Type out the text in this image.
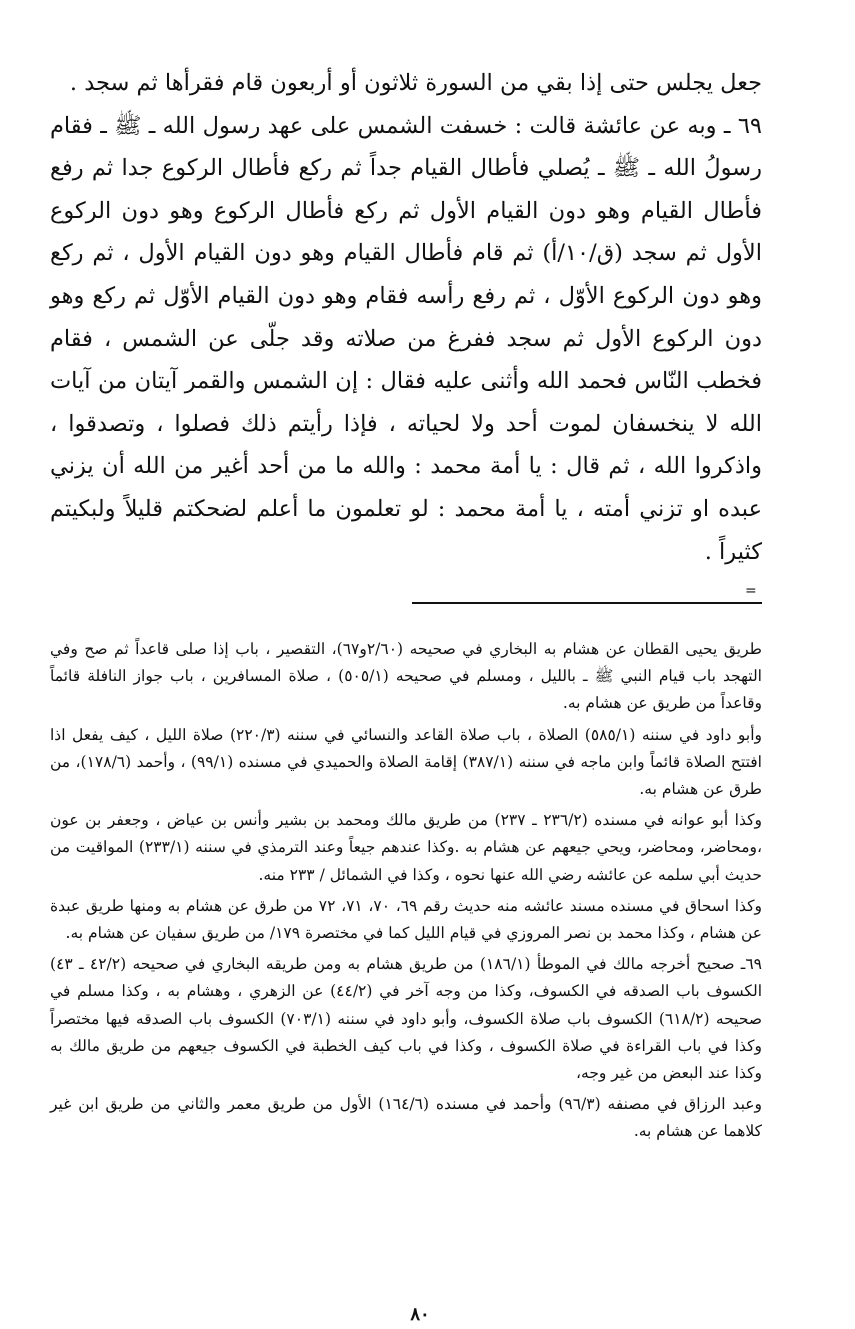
جعل يجلس حتى إذا بقي من السورة ثلاثون أو أربعون قام فقرأها ثم سجد .

٦٩ ـ وبه عن عائشة قالت : خسفت الشمس على عهد رسول الله ـ ﷺ ـ فقام رسولُ الله ـ ﷺ ـ يُصلي فأطال القيام جداً ثم ركع فأطال الركوع جدا ثم رفع فأطال القيام وهو دون القيام الأول ثم ركع فأطال الركوع وهو دون الركوع الأول ثم سجد (ق/١٠/أ) ثم قام فأطال القيام وهو دون القيام الأول ، ثم ركع وهو دون الركوع الأوّل ، ثم رفع رأسه فقام وهو دون القيام الأوّل ثم ركع وهو دون الركوع الأول ثم سجد ففرغ من صلاته وقد جلّى عن الشمس ، فقام فخطب النّاس فحمد الله وأثنى عليه فقال : إن الشمس والقمر آيتان من آيات الله لا ينخسفان لموت أحد ولا لحياته ، فإذا رأيتم ذلك فصلوا ، وتصدقوا ، واذكروا الله ، ثم قال : يا أمة محمد : والله ما من أحد أغير من الله أن يزني عبده او تزني أمته ، يا أمة محمد : لو تعلمون ما أعلم لضحكتم قليلاً ولبكيتم كثيراً .

=

طريق يحيى القطان عن هشام به البخاري في صحيحه (٢/٦٠و٦٧)، التقصير ، باب إذا صلى قاعداً ثم صح وفي التهجد باب قيام النبي ﷺ ـ بالليل ، ومسلم في صحيحه (٥٠٥/١) ، صلاة المسافرين ، باب جواز النافلة قائماً وقاعداً من طريق عن هشام به.

وأبو داود في سننه (٥٨٥/١) الصلاة ، باب صلاة القاعد والنسائي في سننه (٢٢٠/٣) صلاة الليل ، كيف يفعل اذا افتتح الصلاة قائماً وابن ماجه في سننه (٣٨٧/١) إقامة الصلاة والحميدي في مسنده (٩٩/١) ، وأحمد (١٧٨/٦)، من طرق عن هشام به.

وكذا أبو عوانه في مسنده (٢٣٦/٢ ـ ٢٣٧) من طريق مالك ومحمد بن بشير وأنس بن عياض ، وجعفر بن عون ،ومحاضر، ومحاضر، ويحي جيعهم عن هشام به .وكذا عندهم جيعاً وعند الترمذي في سننه (٢٣٣/١) المواقيت من حديث أبي سلمه عن عائشه رضي الله عنها نحوه ، وكذا في الشمائل / ٢٣٣ منه.

وكذا اسحاق في مسنده مسند عائشه منه حديث رقم ٦٩، ٧٠، ٧١، ٧٢ من طرق عن هشام به ومنها طريق عبدة عن هشام ، وكذا محمد بن نصر المروزي في قيام الليل كما في مختصرة ١٧٩/ من طريق سفيان عن هشام به.

٦٩ـ صحيح أخرجه مالك في الموطأ (١٨٦/١) من طريق هشام به ومن طريقه البخاري في صحيحه (٤٢/٢ ـ ٤٣) الكسوف باب الصدقه في الكسوف، وكذا من وجه آخر في (٤٤/٢) عن الزهري ، وهشام به ، وكذا مسلم في صحيحه (٦١٨/٢) الكسوف باب صلاة الكسوف، وأبو داود في سننه (٧٠٣/١) الكسوف باب الصدقه فيها مختصراً وكذا في باب القراءة في صلاة الكسوف ، وكذا في باب كيف الخطبة في الكسوف جيعهم من طريق مالك به وكذا عند البعض من غير وجه،

وعبد الرزاق في مصنفه (٩٦/٣) وأحمد في مسنده (١٦٤/٦) الأول من طريق معمر والثاني من طريق ابن غير كلاهما عن هشام به.

٨٠
